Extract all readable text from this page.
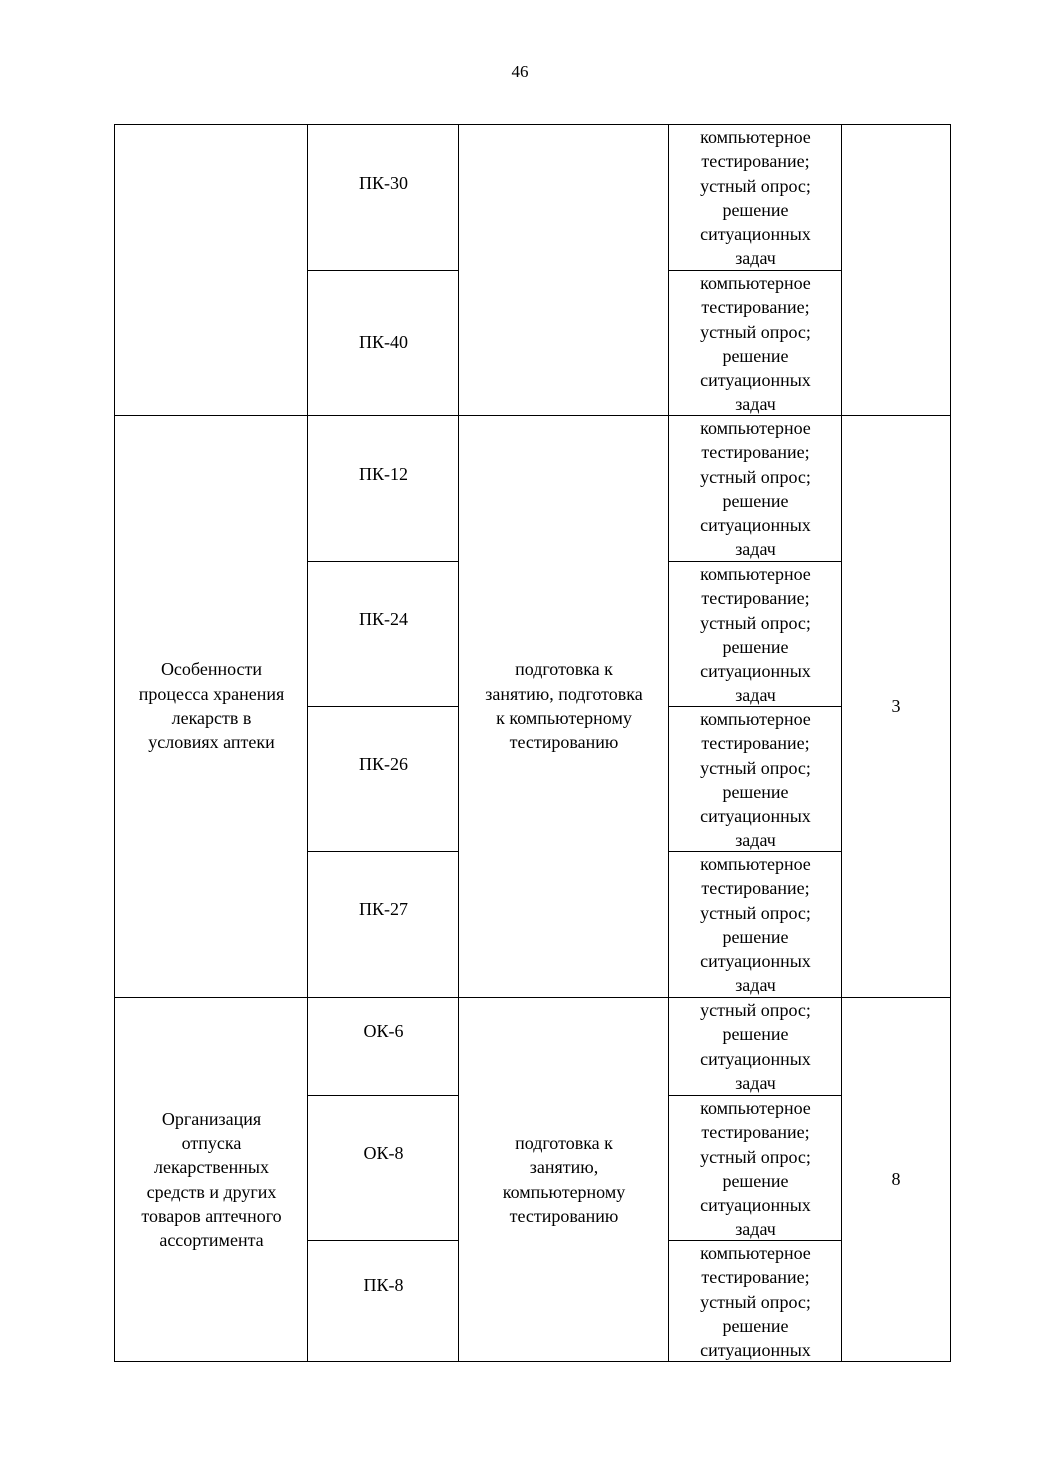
46
ПК-30
компьютерное
тестирование;
устный опрос;
решение
ситуационных
задач
ПК-40
компьютерное
тестирование;
устный опрос;
решение
ситуационных
задач
Особенности
процесса хранения
лекарств в
условиях аптеки
ПК-12
ПК-24
ПК-26
ПК-27
подготовка к
занятию, подготовка
к компьютерному
тестированию
компьютерное
тестирование;
устный опрос;
решение
ситуационных
задач
компьютерное
тестирование;
устный опрос;
решение
ситуационных
задач
компьютерное
тестирование;
устный опрос;
решение
ситуационных
задач
компьютерное
тестирование;
устный опрос;
решение
ситуационных
задач
3
Организация
отпуска
лекарственных
средств и других
товаров аптечного
ассортимента
ОК-6
ОК-8
ПК-8
подготовка к
занятию,
компьютерному
тестированию
устный опрос;
решение
ситуационных
задач
компьютерное
тестирование;
устный опрос;
решение
ситуационных
задач
компьютерное
тестирование;
устный опрос;
решение
ситуационных
8
